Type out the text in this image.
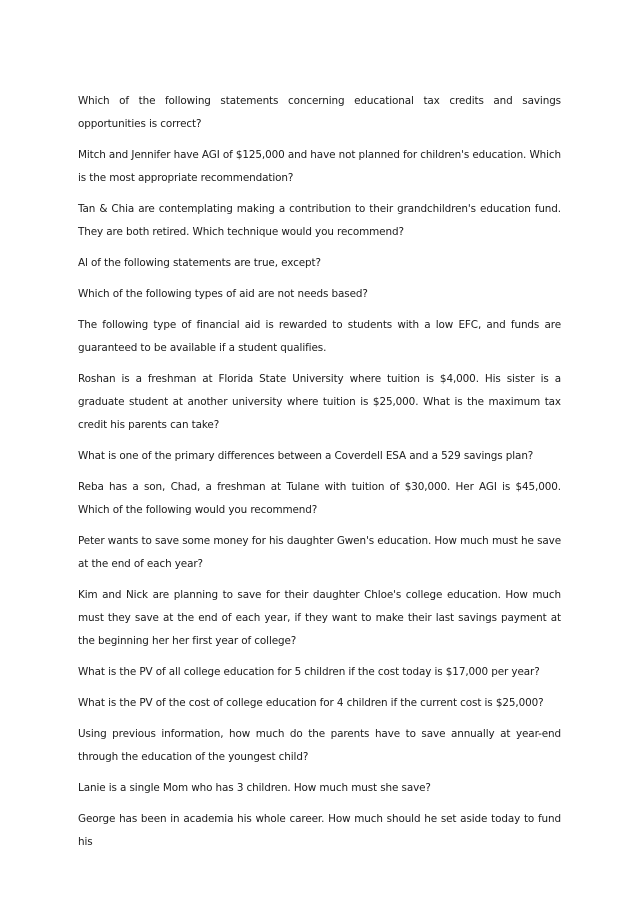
Which of the following statements concerning educational tax credits and savings opportunities is correct?

Mitch and Jennifer have AGI of $125,000 and have not planned for children's education. Which is the most appropriate recommendation?

Tan & Chia are contemplating making a contribution to their grandchildren's education fund. They are both retired. Which technique would you recommend?

Al of the following statements are true, except?

Which of the following types of aid are not needs based?

The following type of financial aid is rewarded to students with a low EFC, and funds are guaranteed to be available if a student qualifies.

Roshan is a freshman at Florida State University where tuition is $4,000. His sister is a graduate student at another university where tuition is $25,000. What is the maximum tax credit his parents can take?

What is one of the primary differences between a Coverdell ESA and a 529 savings plan?

Reba has a son, Chad, a freshman at Tulane with tuition of $30,000. Her AGI is $45,000. Which of the following would you recommend?

Peter wants to save some money for his daughter Gwen's education. How much must he save at the end of each year?

Kim and Nick are planning to save for their daughter Chloe's college education. How much must they save at the end of each year, if they want to make their last savings payment at the beginning her her first year of college?

What is the PV of all college education for 5 children if the cost today is $17,000 per year?

What is the PV of the cost of college education for 4 children if the current cost is $25,000?

Using previous information, how much do the parents have to save annually at year-end through the education of the youngest child?

Lanie is a single Mom who has 3 children. How much must she save?

George has been in academia his whole career. How much should he set aside today to fund his
